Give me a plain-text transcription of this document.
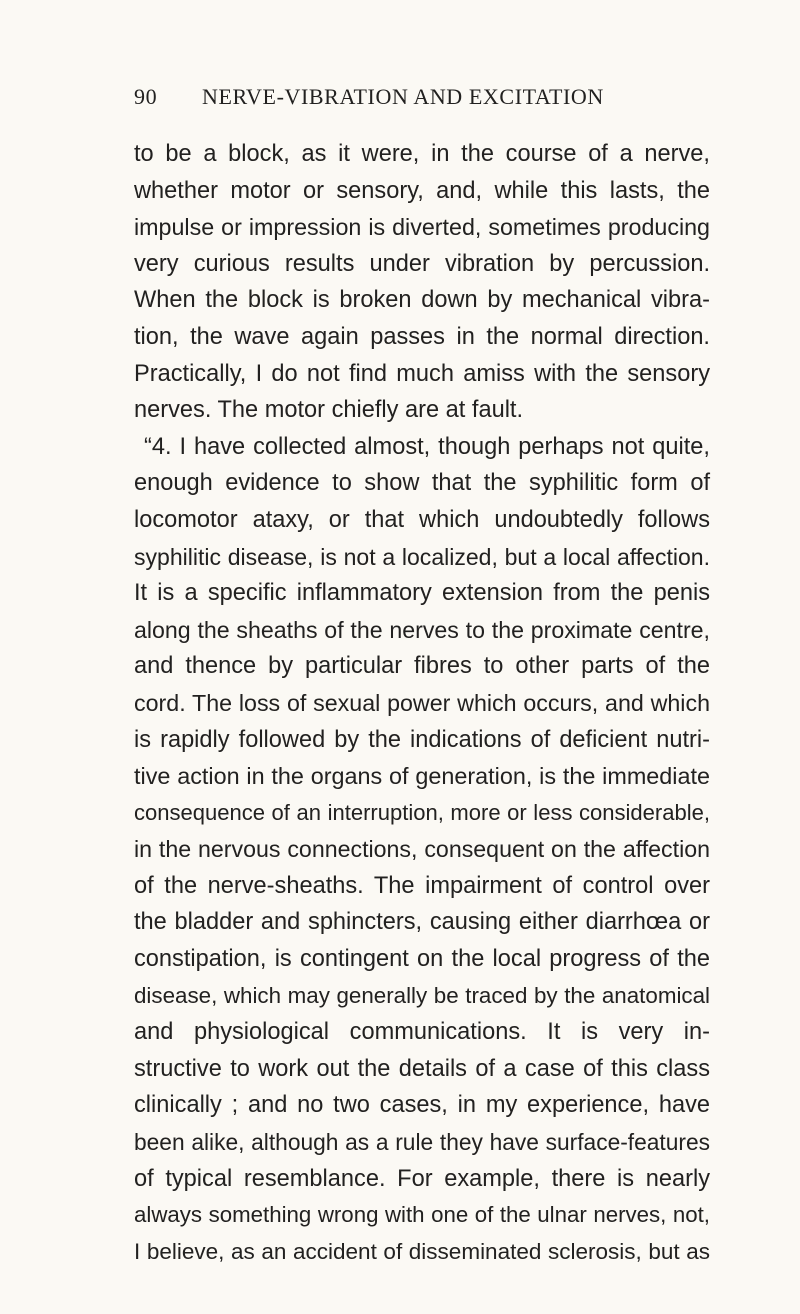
90 NERVE-VIBRATION AND EXCITATION
to be a block, as it were, in the course of a nerve,
whether motor or sensory, and, while this lasts, the
impulse or impression is diverted, sometimes producing
very curious results under vibration by percussion.
When the block is broken down by mechanical vibra-
tion, the wave again passes in the normal direction.
Practically, I do not find much amiss with the sensory
nerves. The motor chiefly are at fault.
“4. I have collected almost, though perhaps not quite,
enough evidence to show that the syphilitic form of
locomotor ataxy, or that which undoubtedly follows
syphilitic disease, is not a localized, but a local affection.
It is a specific inflammatory extension from the penis
along the sheaths of the nerves to the proximate centre,
and thence by particular fibres to other parts of the
cord. The loss of sexual power which occurs, and which
is rapidly followed by the indications of deficient nutri-
tive action in the organs of generation, is the immediate
consequence of an interruption, more or less considerable,
in the nervous connections, consequent on the affection
of the nerve-sheaths. The impairment of control over
the bladder and sphincters, causing either diarrhœa or
constipation, is contingent on the local progress of the
disease, which may generally be traced by the anatomical
and physiological communications. It is very in-
structive to work out the details of a case of this class
clinically ; and no two cases, in my experience, have
been alike, although as a rule they have surface-features
of typical resemblance. For example, there is nearly
always something wrong with one of the ulnar nerves, not,
I believe, as an accident of disseminated sclerosis, but as
